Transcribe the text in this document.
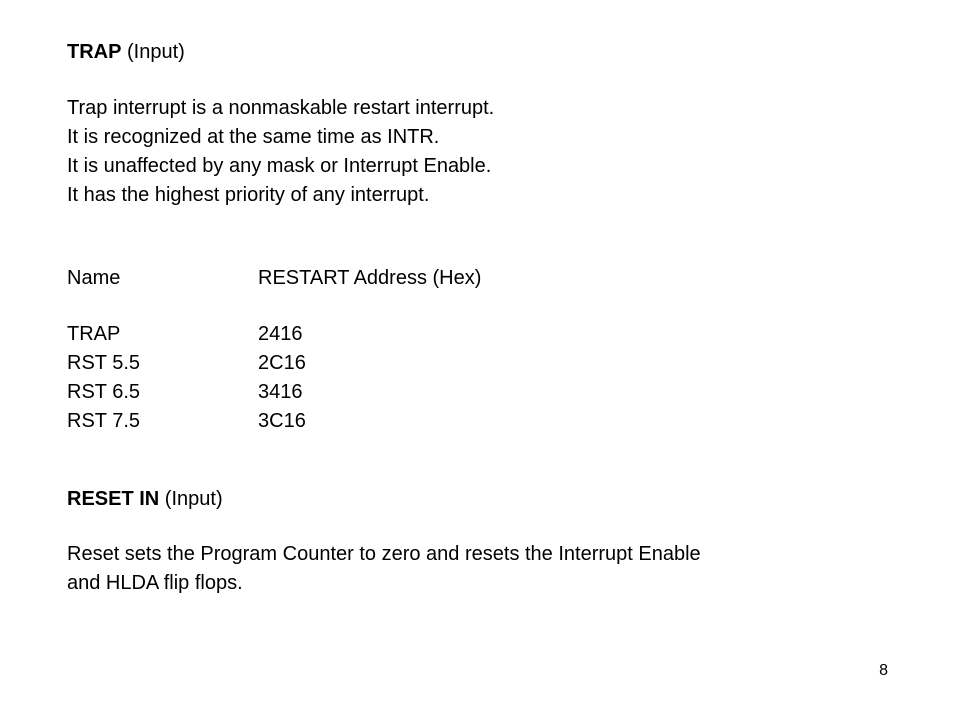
TRAP (Input)
Trap interrupt is a nonmaskable restart interrupt.
It is recognized at the same time as INTR.
It is unaffected by any mask or Interrupt Enable.
It has the highest priority of any interrupt.
Name	RESTART Address (Hex)
TRAP	2416
RST 5.5	2C16
RST 6.5	3416
RST 7.5	3C16
RESET IN (Input)
Reset sets the Program Counter to zero and resets the Interrupt Enable
and HLDA flip flops.
8
